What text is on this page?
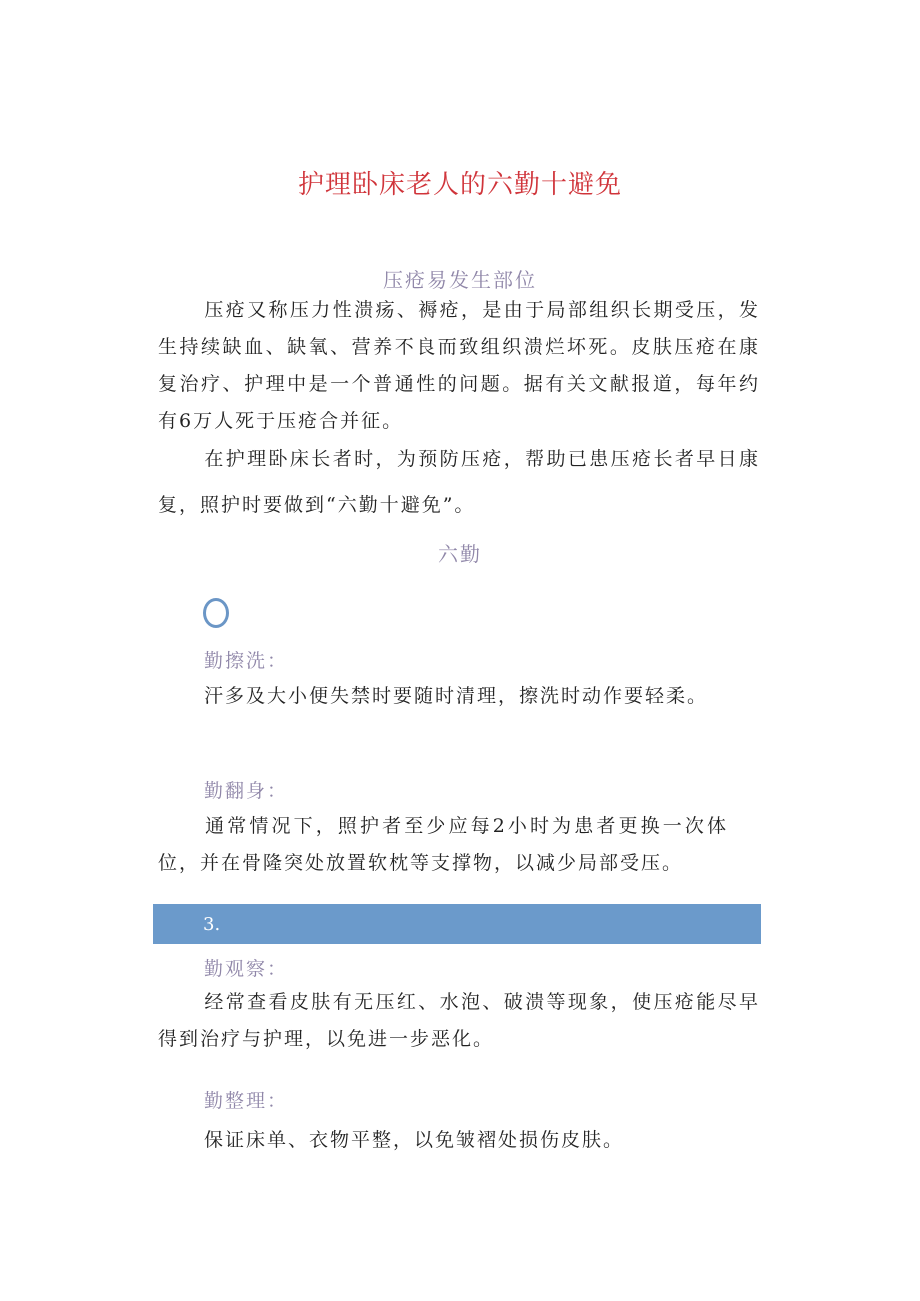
护理卧床老人的六勤十避免
压疮易发生部位
压疮又称压力性溃疡、褥疮，是由于局部组织长期受压，发生持续缺血、缺氧、营养不良而致组织溃烂坏死。皮肤压疮在康复治疗、护理中是一个普通性的问题。据有关文献报道，每年约有6万人死于压疮合并征。
在护理卧床长者时，为预防压疮，帮助已患压疮长者早日康复，照护时要做到“六勤十避免”。
六勤
勤擦洗：
汗多及大小便失禁时要随时清理，擦洗时动作要轻柔。
勤翻身：
通常情况下，照护者至少应每2小时为患者更换一次体位，并在骨隆突处放置软枕等支撑物，以减少局部受压。
3.
勤观察：
经常查看皮肤有无压红、水泡、破溃等现象，使压疮能尽早得到治疗与护理，以免进一步恶化。
勤整理：
保证床单、衣物平整，以免皱褶处损伤皮肤。
